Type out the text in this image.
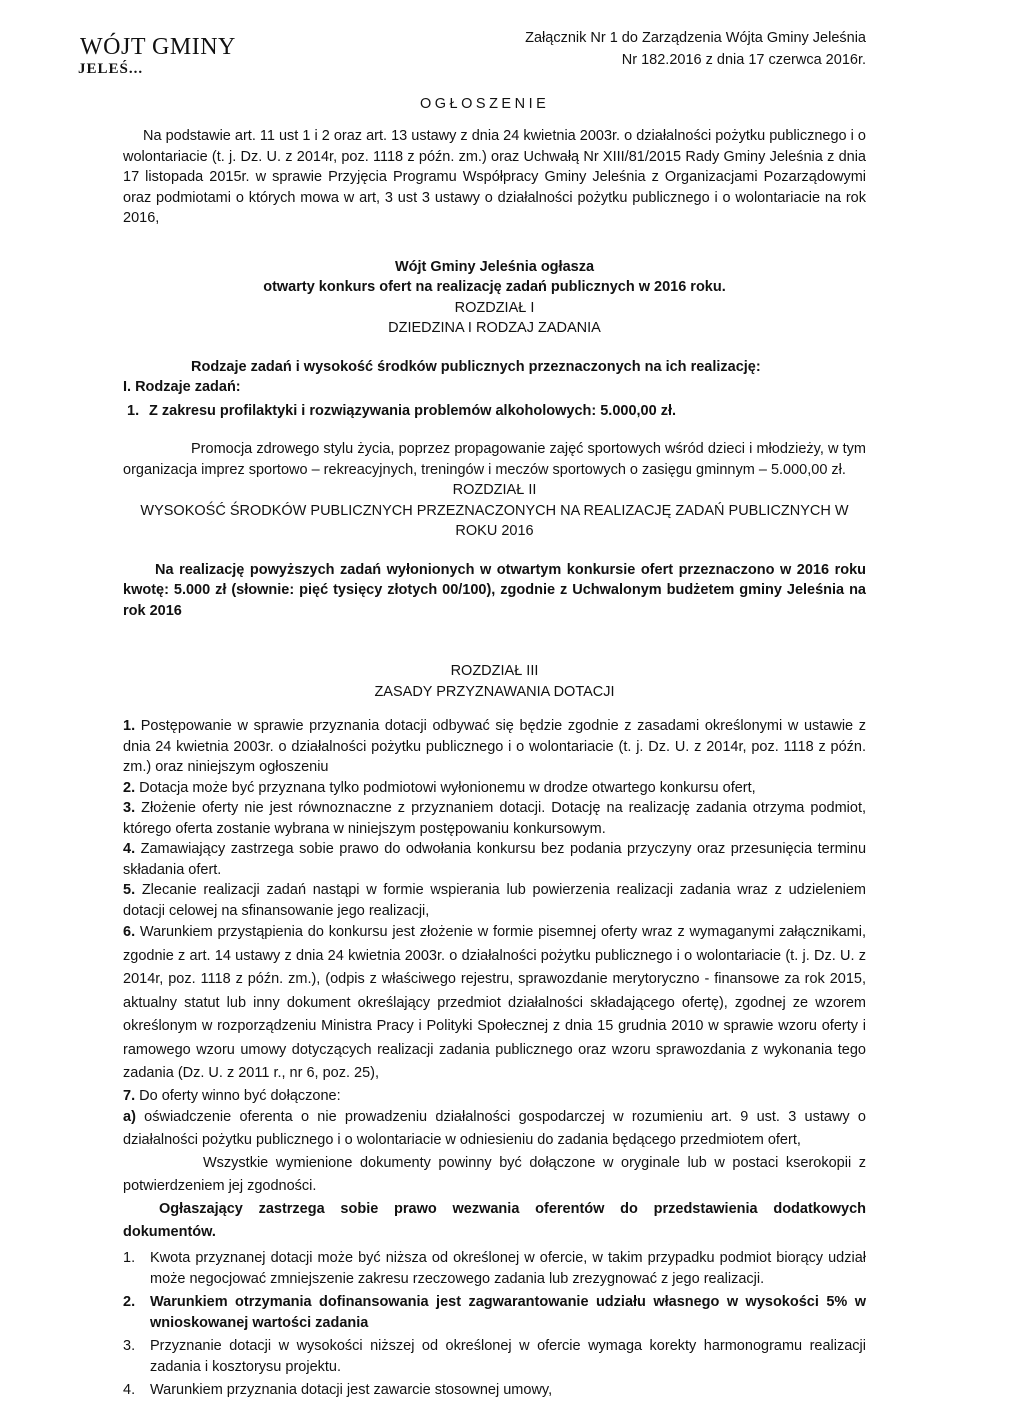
WÓJT GMINY
JELEŚ...
Załącznik Nr 1 do Zarządzenia Wójta Gminy Jeleśnia
Nr 182.2016 z dnia 17 czerwca 2016r.
OGŁOSZENIE

Na podstawie art. 11 ust 1 i 2 oraz art. 13 ustawy z dnia 24 kwietnia 2003r. o działalności pożytku publicznego i o wolontariacie (t. j. Dz. U. z 2014r, poz. 1118 z późn. zm.) oraz Uchwałą Nr XIII/81/2015 Rady Gminy Jeleśnia z dnia 17 listopada 2015r. w sprawie Przyjęcia Programu Współpracy Gminy Jeleśnia z Organizacjami Pozarządowymi oraz podmiotami o których mowa w art, 3 ust 3 ustawy o działalności pożytku publicznego i o wolontariacie na rok 2016,

Wójt Gminy Jeleśnia ogłasza

otwarty konkurs ofert na realizację zadań publicznych w 2016 roku.

ROZDZIAŁ I

DZIEDZINA I RODZAJ ZADANIA

Rodzaje zadań i wysokość środków publicznych przeznaczonych na ich realizację:

I. Rodzaje zadań:

1. Z zakresu profilaktyki i rozwiązywania problemów alkoholowych: 5.000,00 zł.

Promocja zdrowego stylu życia, poprzez propagowanie zajęć sportowych wśród dzieci i młodzieży, w tym organizacja imprez sportowo – rekreacyjnych, treningów i meczów sportowych o zasięgu gminnym – 5.000,00 zł.

ROZDZIAŁ II

WYSOKOŚĆ ŚRODKÓW PUBLICZNYCH PRZEZNACZONYCH NA REALIZACJĘ ZADAŃ PUBLICZNYCH W ROKU 2016

Na realizację powyższych zadań wyłonionych w otwartym konkursie ofert przeznaczono w 2016 roku kwotę: 5.000 zł (słownie: pięć tysięcy złotych 00/100), zgodnie z Uchwalonym budżetem gminy Jeleśnia na rok 2016

ROZDZIAŁ III

ZASADY PRZYZNAWANIA DOTACJI

1. Postępowanie w sprawie przyznania dotacji odbywać się będzie zgodnie z zasadami określonymi w ustawie z dnia 24 kwietnia 2003r. o działalności pożytku publicznego i o wolontariacie (t. j. Dz. U. z 2014r, poz. 1118 z późn. zm.) oraz niniejszym ogłoszeniu

2. Dotacja może być przyznana tylko podmiotowi wyłonionemu w drodze otwartego konkursu ofert,

3. Złożenie oferty nie jest równoznaczne z przyznaniem dotacji. Dotację na realizację zadania otrzyma podmiot, którego oferta zostanie wybrana w niniejszym postępowaniu konkursowym.

4. Zamawiający zastrzega sobie prawo do odwołania konkursu bez podania przyczyny oraz przesunięcia terminu składania ofert.

5. Zlecanie realizacji zadań nastąpi w formie wspierania lub powierzenia realizacji zadania wraz z udzieleniem dotacji celowej na sfinansowanie jego realizacji,

6. Warunkiem przystąpienia do konkursu jest złożenie w formie pisemnej oferty wraz z wymaganymi załącznikami, zgodnie z art. 14 ustawy z dnia 24 kwietnia 2003r. o działalności pożytku publicznego i o wolontariacie (t. j. Dz. U. z 2014r, poz. 1118 z późn. zm.), (odpis z właściwego rejestru, sprawozdanie merytoryczno - finansowe za rok 2015, aktualny statut lub inny dokument określający przedmiot działalności składającego ofertę), zgodnej ze wzorem określonym w rozporządzeniu Ministra Pracy i Polityki Społecznej z dnia 15 grudnia 2010 w sprawie wzoru oferty i ramowego wzoru umowy dotyczących realizacji zadania publicznego oraz wzoru sprawozdania z wykonania tego zadania (Dz. U. z 2011 r., nr 6, poz. 25),

7. Do oferty winno być dołączone:

a) oświadczenie oferenta o nie prowadzeniu działalności gospodarczej w rozumieniu art. 9 ust. 3 ustawy o działalności pożytku publicznego i o wolontariacie w odniesieniu do zadania będącego przedmiotem ofert,

Wszystkie wymienione dokumenty powinny być dołączone w oryginale lub w postaci kserokopii z potwierdzeniem jej zgodności.

Ogłaszający zastrzega sobie prawo wezwania oferentów do przedstawienia dodatkowych dokumentów.

1.	Kwota przyznanej dotacji może być niższa od określonej w ofercie, w takim przypadku podmiot biorący udział może negocjować zmniejszenie zakresu rzeczowego zadania lub zrezygnować z jego realizacji.
2.	Warunkiem otrzymania dofinansowania jest zagwarantowanie udziału własnego w wysokości 5% w wnioskowanej wartości zadania
3.	Przyznanie dotacji w wysokości niższej od określonej w ofercie wymaga korekty harmonogramu realizacji zadania i kosztorysu projektu.
4.	Warunkiem przyznania dotacji jest zawarcie stosownej umowy,
